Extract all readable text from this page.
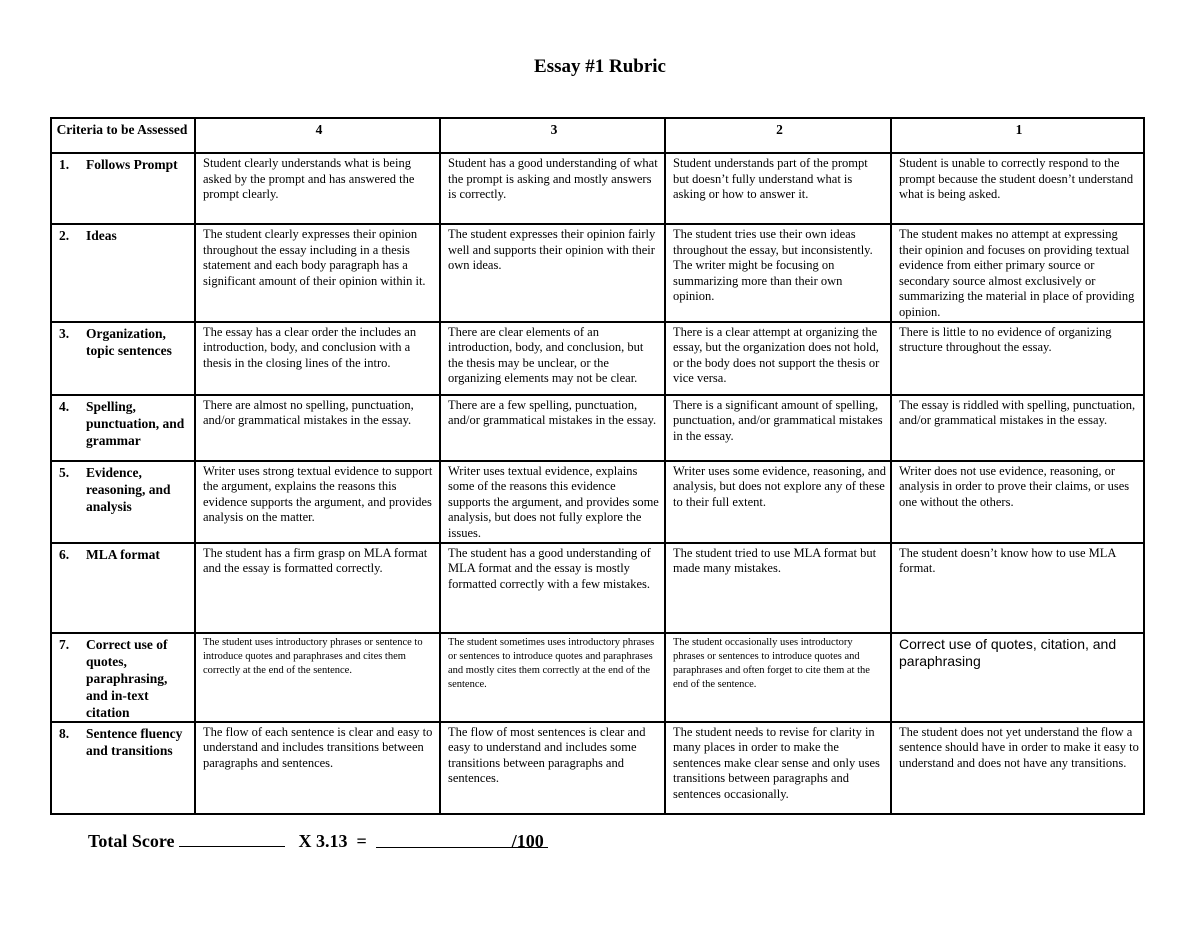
Essay #1 Rubric
Criteria to be Assessed	4	3	2	1

1. Follows Prompt	Student clearly understands what is being asked by the prompt and has answered the prompt clearly.	Student has a good understanding of what the prompt is asking and mostly answers is correctly.	Student understands part of the prompt but doesn’t fully understand what is asking or how to answer it.	Student is unable to correctly respond to the prompt because the student doesn’t understand what is being asked.

2. Ideas	The student clearly expresses their opinion throughout the essay including in a thesis statement and each body paragraph has a significant amount of their opinion within it.	The student expresses their opinion fairly well and supports their opinion with their own ideas.	The student tries use their own ideas throughout the essay, but inconsistently. The writer might be focusing on summarizing more than their own opinion.	The student makes no attempt at expressing their opinion and focuses on providing textual evidence from either primary source or secondary source almost exclusively or summarizing the material in place of providing opinion.

3. Organization, topic sentences	The essay has a clear order the includes an introduction, body, and conclusion with a thesis in the closing lines of the intro.	There are clear elements of an introduction, body, and conclusion, but the thesis may be unclear, or the organizing elements may not be clear.	There is a clear attempt at organizing the essay, but the organization does not hold, or the body does not support the thesis or vice versa.	There is little to no evidence of organizing structure throughout the essay.

4. Spelling, punctuation, and grammar	There are almost no spelling, punctuation, and/or grammatical mistakes in the essay.	There are a few spelling, punctuation, and/or grammatical mistakes in the essay.	There is a significant amount of spelling, punctuation, and/or grammatical mistakes in the essay.	The essay is riddled with spelling, punctuation, and/or grammatical mistakes in the essay.

5. Evidence, reasoning, and analysis	Writer uses strong textual evidence to support the argument, explains the reasons this evidence supports the argument, and provides analysis on the matter.	Writer uses textual evidence, explains some of the reasons this evidence supports the argument, and provides some analysis, but does not fully explore the issues.	Writer uses some evidence, reasoning, and analysis, but does not explore any of these to their full extent.	Writer does not use evidence, reasoning, or analysis in order to prove their claims, or uses one without the others.

6. MLA format	The student has a firm grasp on MLA format and the essay is formatted correctly.	The student has a good understanding of MLA format and the essay is mostly formatted correctly with a few mistakes.	The student tried to use MLA format but made many mistakes.	The student doesn’t know how to use MLA format.

7. Correct use of quotes, paraphrasing, and in-text citation	The student uses introductory phrases or sentence to introduce quotes and paraphrases and cites them correctly at the end of the sentence.	The student sometimes uses introductory phrases or sentences to introduce quotes and paraphrases and mostly cites them correctly at the end of the sentence.	The student occasionally uses introductory phrases or sentences to introduce quotes and paraphrases and often forget to cite them at the end of the sentence.	Correct use of quotes, citation, and paraphrasing

8. Sentence fluency and transitions	The flow of each sentence is clear and easy to understand and includes transitions between paragraphs and sentences.	The flow of most sentences is clear and easy to understand and includes some transitions between paragraphs and sentences.	The student needs to revise for clarity in many places in order to make the sentences make clear sense and only uses transitions between paragraphs and sentences occasionally.	The student does not yet understand the flow a sentence should have in order to make it easy to understand and does not have any transitions.
Total Score	X 3.13 =	/100
